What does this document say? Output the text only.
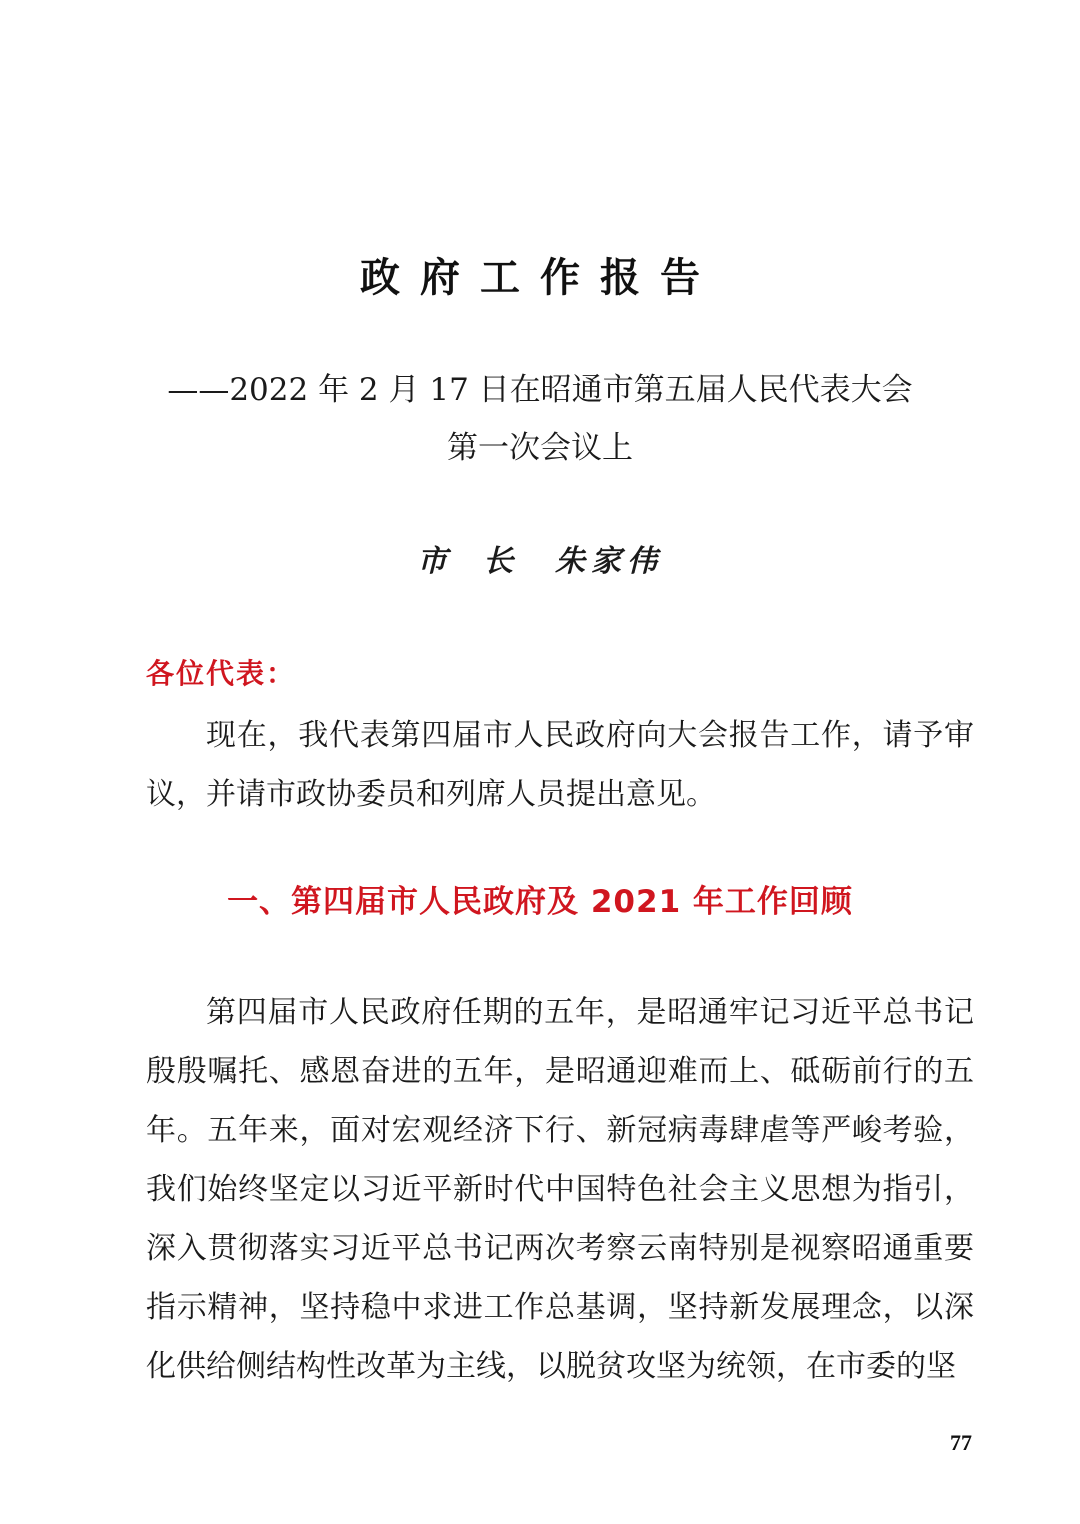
政府工作报告
——2022 年 2 月 17 日在昭通市第五届人民代表大会
第一次会议上
市长 朱家伟
各位代表：

现在，我代表第四届市人民政府向大会报告工作，请予审议，并请市政协委员和列席人员提出意见。

一、第四届市人民政府及 2021 年工作回顾

第四届市人民政府任期的五年，是昭通牢记习近平总书记殷殷嘱托、感恩奋进的五年，是昭通迎难而上、砥砺前行的五年。五年来，面对宏观经济下行、新冠病毒肆虐等严峻考验，我们始终坚定以习近平新时代中国特色社会主义思想为指引，深入贯彻落实习近平总书记两次考察云南特别是视察昭通重要指示精神，坚持稳中求进工作总基调，坚持新发展理念，以深化供给侧结构性改革为主线，以脱贫攻坚为统领，在市委的坚

77
